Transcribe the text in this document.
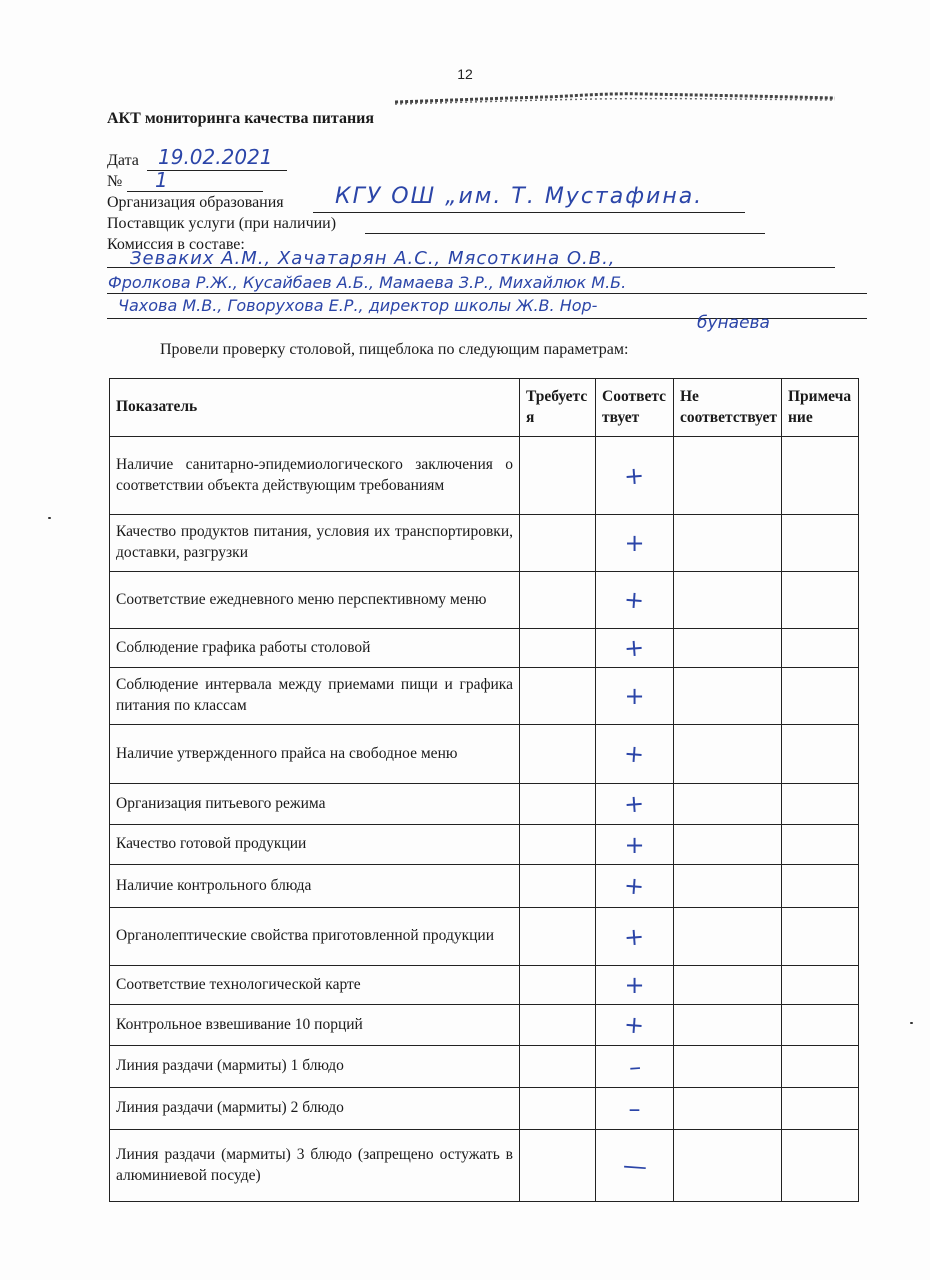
12
АКТ мониторинга качества питания
Дата 19.02.2021
№ 1
Организация образования КГУ ОШ „им. Т. Мустафина.
Поставщик услуги (при наличии)
Комиссия в составе:
Зеваких А.М., Хачатарян А.С., Мясоткина О.В.,
Фролкова Р.Ж., Кусайбаев А.Б., Мамаева З.Р., Михайлюк М.Б.
Чахова М.В., Говорухова Е.Р., директор школы Ж.В. Нор-
бунаева
Провели проверку столовой, пищеблока по следующим параметрам:
Показатель	Требуется	Соответствует	Не соответствует	Примечание
Наличие санитарно-эпидемиологического заключения о соответствии объекта действующим требованиям		+		
Качество продуктов питания, условия их транспортировки, доставки, разгрузки		+		
Соответствие ежедневного меню перспективному меню		+		
Соблюдение графика работы столовой		+		
Соблюдение интервала между приемами пищи и графика питания по классам		+		
Наличие утвержденного прайса на свободное меню		+		
Организация питьевого режима		+		
Качество готовой продукции		+		
Наличие контрольного блюда		+		
Органолептические свойства приготовленной продукции		+		
Соответствие технологической карте		+		
Контрольное взвешивание 10 порций		+		
Линия раздачи (мармиты) 1 блюдо		–		
Линия раздачи (мармиты) 2 блюдо		–		
Линия раздачи (мармиты) 3 блюдо (запрещено остужать в алюминиевой посуде)		—		
